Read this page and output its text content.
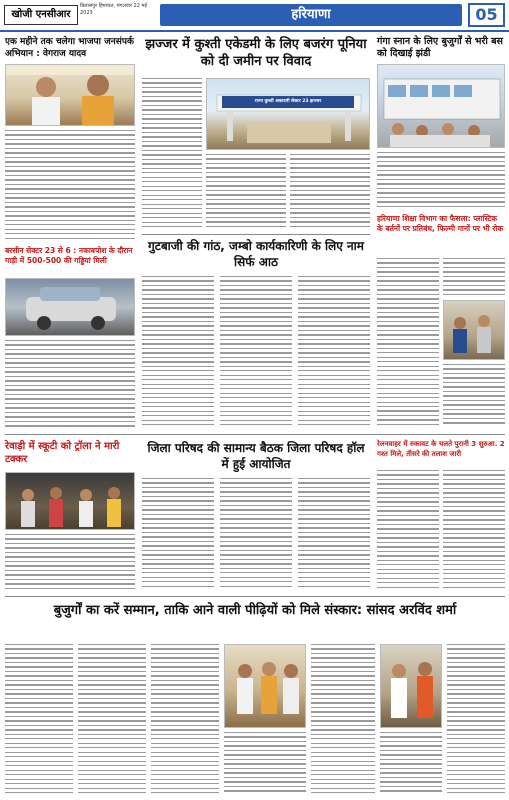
खोजी एनसीआर
बिलासपुर हिमाचल, मंगलवार 22 मई 2023	हरियाणा	05
एक महीने तक चलेगा भाजपा जनसंपर्क अभियान : वेगराज यादव
झज्जर में कुश्ती एकेडमी के लिए बजरंग पूनिया को दी जमीन पर विवाद
राज्य कुश्ती अकादमी सेक्टर 23 झज्जर
गंगा स्नान के लिए बुजुर्गों से भरी बस को दिखाई झंडी
बरसीन सेक्टर 23 से 6 : नकाबपोश के दौरान गाड़ी में 500-500 की गड्डियां मिली
गुटबाजी की गांठ, जम्बो कार्यकारिणी के लिए नाम सिर्फ आठ
हरियाणा शिक्षा विभाग का फैसला: प्लास्टिक के बर्तनों पर प्रतिबंध, फिल्मी गानों पर भी रोक
रेवाड़ी में स्कूटी को ट्रॉला ने मारी टक्कर
जिला परिषद की सामान्य बैठक जिला परिषद हॉल में हुई आयोजित
रेलनवाहर में रुकावट के चलते पुरानी 3 शुरुआ. 2 गश्त मिले, तीसरे की तलाश जारी
बुजुर्गों का करें सम्मान, ताकि आने वाली पीढ़ियों को मिले संस्कार: सांसद अरविंद शर्मा
